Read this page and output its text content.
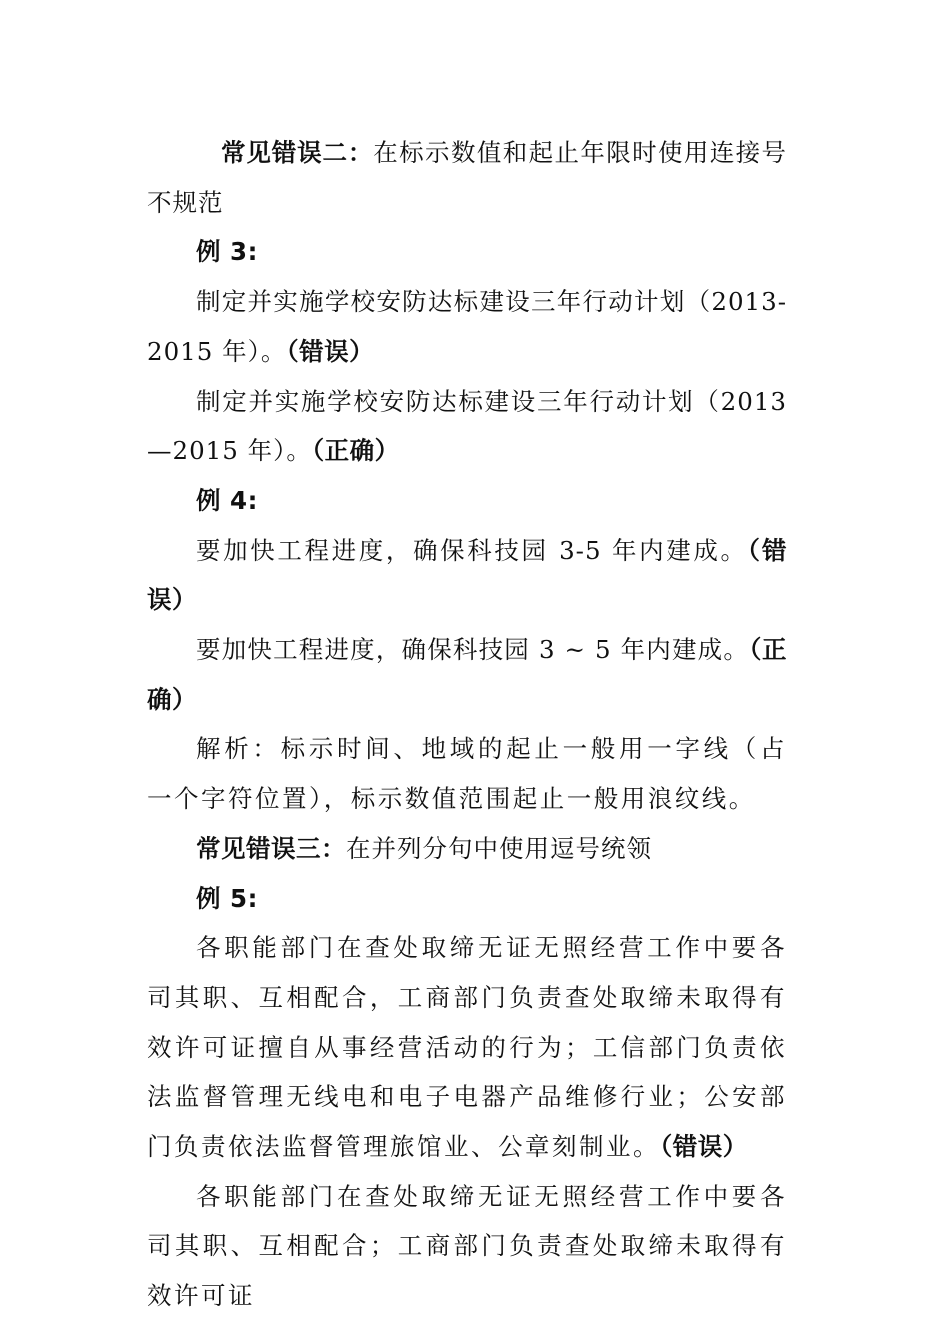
常见错误二：在标示数值和起止年限时使用连接号不规范

例 3:

制定并实施学校安防达标建设三年行动计划（2013-2015 年）。（错误）

制定并实施学校安防达标建设三年行动计划（2013—2015 年）。（正确）

例 4:

要加快工程进度，确保科技园 3-5 年内建成。（错误）

要加快工程进度，确保科技园 3 ~ 5 年内建成。（正确）

解析：标示时间、地域的起止一般用一字线（占一个字符位置），标示数值范围起止一般用浪纹线。

常见错误三：在并列分句中使用逗号统领

例 5:

各职能部门在查处取缔无证无照经营工作中要各司其职、互相配合，工商部门负责查处取缔未取得有效许可证擅自从事经营活动的行为；工信部门负责依法监督管理无线电和电子电器产品维修行业；公安部门负责依法监督管理旅馆业、公章刻制业。（错误）

各职能部门在查处取缔无证无照经营工作中要各司其职、互相配合；工商部门负责查处取缔未取得有效许可证
